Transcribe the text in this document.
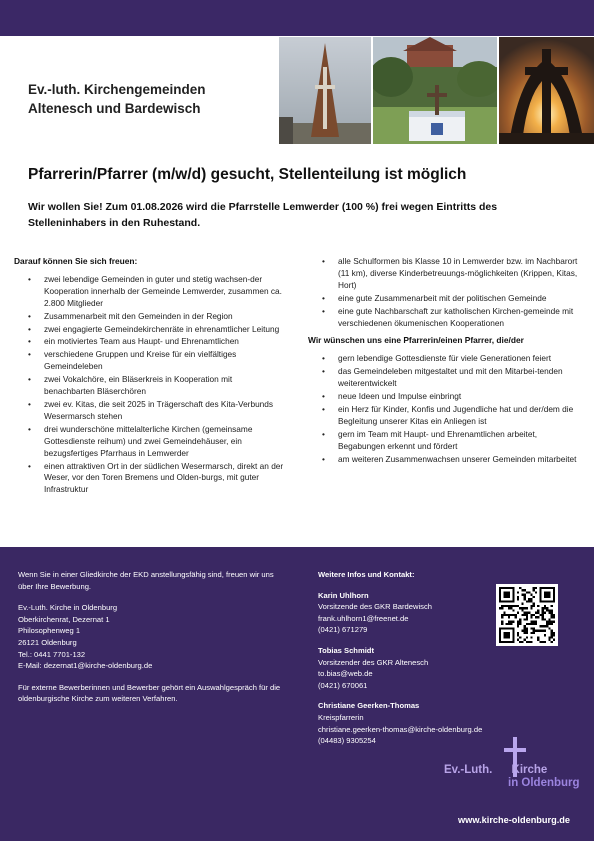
Ev.-luth. Kirchengemeinden
Altenesch und Bardewisch
Pfarrerin/Pfarrer (m/w/d) gesucht, Stellenteilung ist möglich
Wir wollen Sie! Zum 01.08.2026 wird die Pfarrstelle Lemwerder (100 %) frei wegen Eintritts des Stelleninhabers in den Ruhestand.
Darauf können Sie sich freuen:
• zwei lebendige Gemeinden in guter und stetig wachsen-der Kooperation innerhalb der Gemeinde Lemwerder, zusammen ca. 2.800 Mitglieder
• Zusammenarbeit mit den Gemeinden in der Region
• zwei engagierte Gemeindekirchenräte in ehrenamtlicher Leitung
• ein motiviertes Team aus Haupt- und Ehrenamtlichen
• verschiedene Gruppen und Kreise für ein vielfältiges Gemeindeleben
• zwei Vokalchöre, ein Bläserkreis in Kooperation mit benachbarten Bläserchören
• zwei ev. Kitas, die seit 2025 in Trägerschaft des Kita-Verbunds Wesermarsch stehen
• drei wunderschöne mittelalterliche Kirchen (gemeinsame Gottesdienste reihum) und zwei Gemeindehäuser, ein bezugsfertiges Pfarrhaus in Lemwerder
• einen attraktiven Ort in der südlichen Wesermarsch, direkt an der Weser, vor den Toren Bremens und Olden-burgs, mit guter Infrastruktur
• alle Schulformen bis Klasse 10 in Lemwerder bzw. im Nachbarort (11 km), diverse Kinderbetreuungs-möglichkeiten (Krippen, Kitas, Hort)
• eine gute Zusammenarbeit mit der politischen Gemeinde
• eine gute Nachbarschaft zur katholischen Kirchen-gemeinde mit verschiedenen ökumenischen Kooperationen
Wir wünschen uns eine Pfarrerin/einen Pfarrer, die/der
• gern lebendige Gottesdienste für viele Generationen feiert
• das Gemeindeleben mitgestaltet und mit den Mitarbei-tenden weiterentwickelt
• neue Ideen und Impulse einbringt
• ein Herz für Kinder, Konfis und Jugendliche hat und der/dem die Begleitung unserer Kitas ein Anliegen ist
• gern im Team mit Haupt- und Ehrenamtlichen arbeitet, Begabungen erkennt und fördert
• am weiteren Zusammenwachsen unserer Gemeinden mitarbeitet

Wenn Sie in einer Gliedkirche der EKD anstellungsfähig sind, freuen wir uns über Ihre Bewerbung.

Ev.-Luth. Kirche in Oldenburg
Oberkirchenrat, Dezernat 1
Philosophenweg 1
26121 Oldenburg
Tel.: 0441 7701-132
E-Mail: dezernat1@kirche-oldenburg.de

Für externe Bewerberinnen und Bewerber gehört ein Auswahlgespräch für die oldenburgische Kirche zum weiteren Verfahren.

Weitere Infos und Kontakt:
Karin Uhlhorn
Vorsitzende des GKR Bardewisch
frank.uhlhorn1@freenet.de
(0421) 671279
Tobias Schmidt
Vorsitzender des GKR Altenesch
to.bias@web.de
(0421) 670061
Christiane Geerken-Thomas
Kreispfarrerin
christiane.geerken-thomas@kirche-oldenburg.de
(04483) 9305254
Ev.-Luth. Kirche
in Oldenburg
www.kirche-oldenburg.de
